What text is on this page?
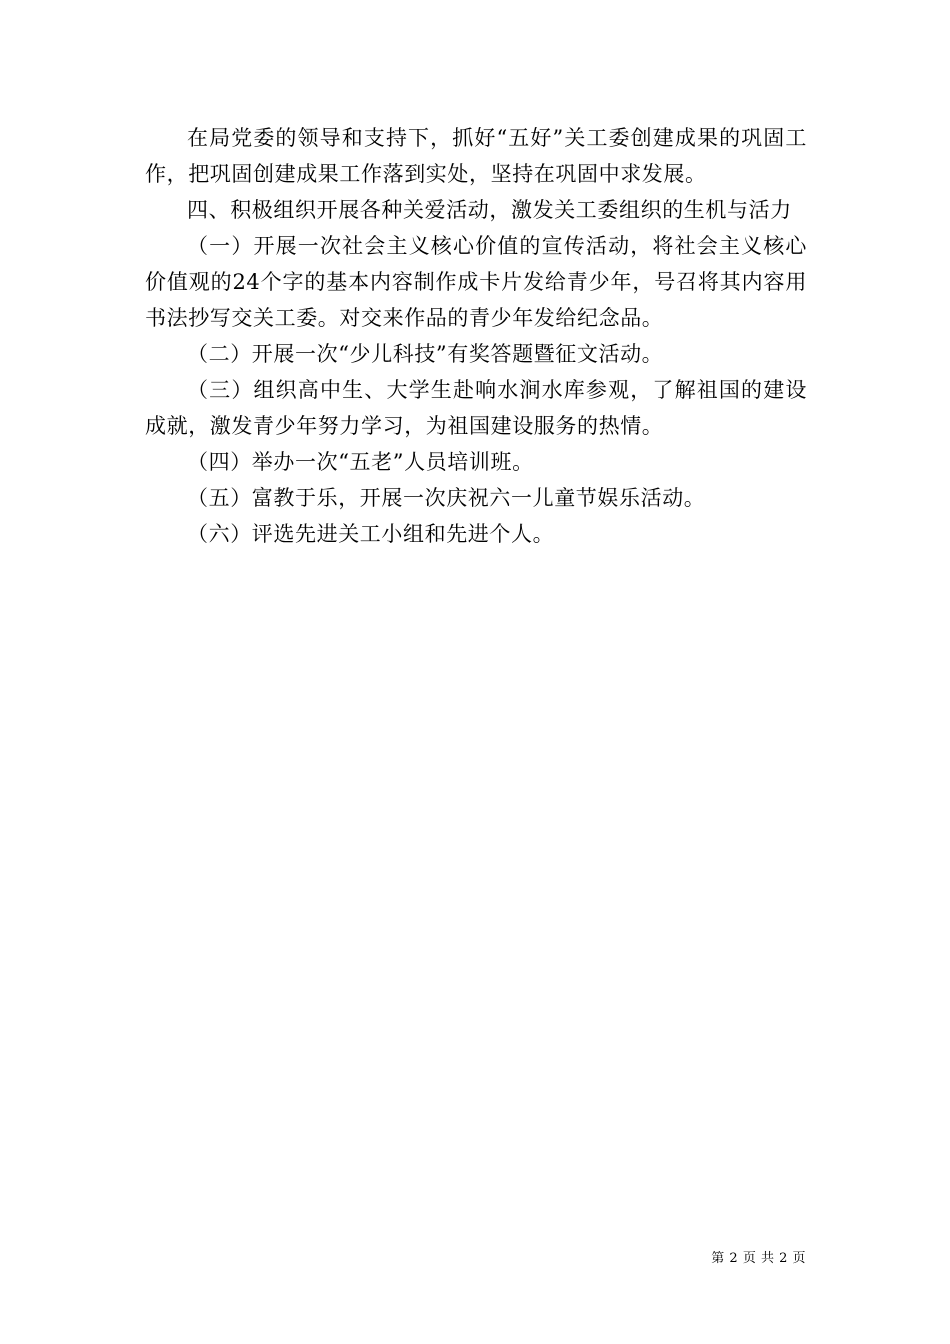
在局党委的领导和支持下，抓好“五好”关工委创建成果的巩固工作，把巩固创建成果工作落到实处，坚持在巩固中求发展。

四、积极组织开展各种关爱活动，激发关工委组织的生机与活力

（一）开展一次社会主义核心价值的宣传活动，将社会主义核心价值观的24个字的基本内容制作成卡片发给青少年，号召将其内容用书法抄写交关工委。对交来作品的青少年发给纪念品。

（二）开展一次“少儿科技”有奖答题暨征文活动。

（三）组织高中生、大学生赴响水涧水库参观，了解祖国的建设成就，激发青少年努力学习，为祖国建设服务的热情。

（四）举办一次“五老”人员培训班。

（五）富教于乐，开展一次庆祝六一儿童节娱乐活动。

（六）评选先进关工小组和先进个人。

第 2 页 共 2 页
